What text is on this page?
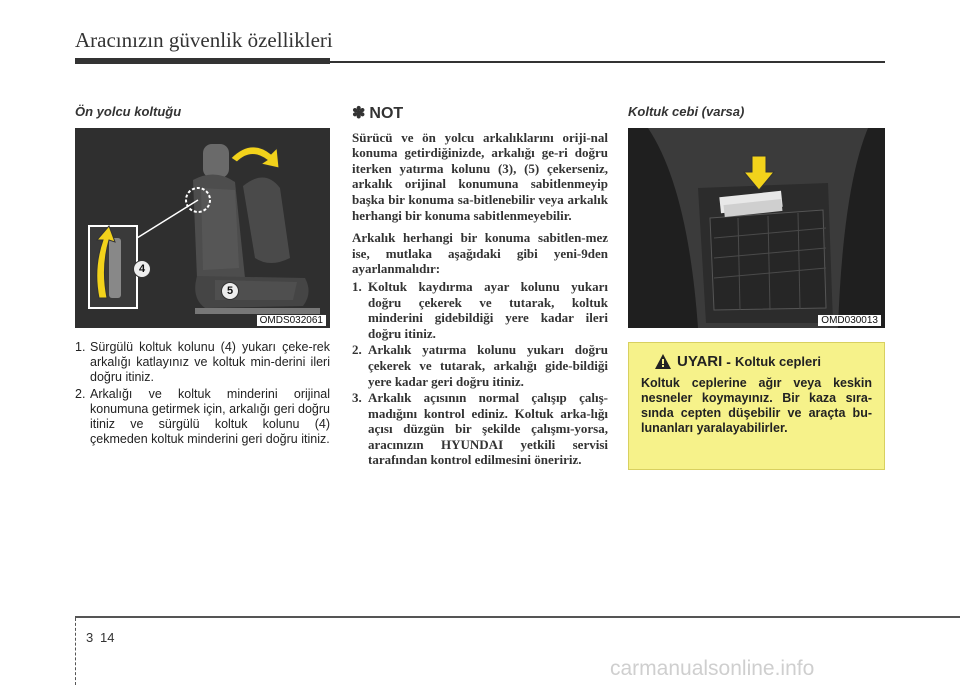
Aracınızın güvenlik özellikleri
Ön yolcu koltuğu
4
5
OMDS032061
1. Sürgülü koltuk kolunu (4) yukarı çeke-rek arkalığı katlayınız ve koltuk min-derini ileri doğru itiniz.
2. Arkalığı ve koltuk minderini orijinal konumuna getirmek için, arkalığı geri doğru itiniz ve sürgülü koltuk kolunu (4) çekmeden koltuk minderini geri doğru itiniz.
✽ NOT
Sürücü ve ön yolcu arkalıklarını oriji-nal konuma getirdiğinizde, arkalığı ge-ri doğru iterken yatırma kolunu (3), (5) çekerseniz, arkalık orijinal konumuna sabitlenmeyip başka bir konuma sa-bitlenebilir veya arkalık herhangi bir konuma sabitlenmeyebilir.
Arkalık herhangi bir konuma sabitlen-mez ise, mutlaka aşağıdaki gibi yeni-9den ayarlanmalıdır:
1. Koltuk kaydırma ayar kolunu yukarı doğru çekerek ve tutarak, koltuk minderini gidebildiği yere kadar ileri doğru itiniz.
2. Arkalık yatırma kolunu yukarı doğru çekerek ve tutarak, arkalığı gide-bildiği yere kadar geri doğru itiniz.
3. Arkalık açısının normal çalışıp çalış-madığını kontrol ediniz. Koltuk arka-lığı açısı düzgün bir şekilde çalışmı-yorsa, aracınızın HYUNDAI yetkili servisi tarafından kontrol edilmesini öneririz.
Koltuk cebi (varsa)
OMD030013
UYARI - Koltuk cepleri
Koltuk ceplerine ağır veya keskin nesneler koymayınız. Bir kaza sıra-sında cepten düşebilir ve araçta bu-lunanları yaralayabilirler.
3 14
carmanualsonline.info
